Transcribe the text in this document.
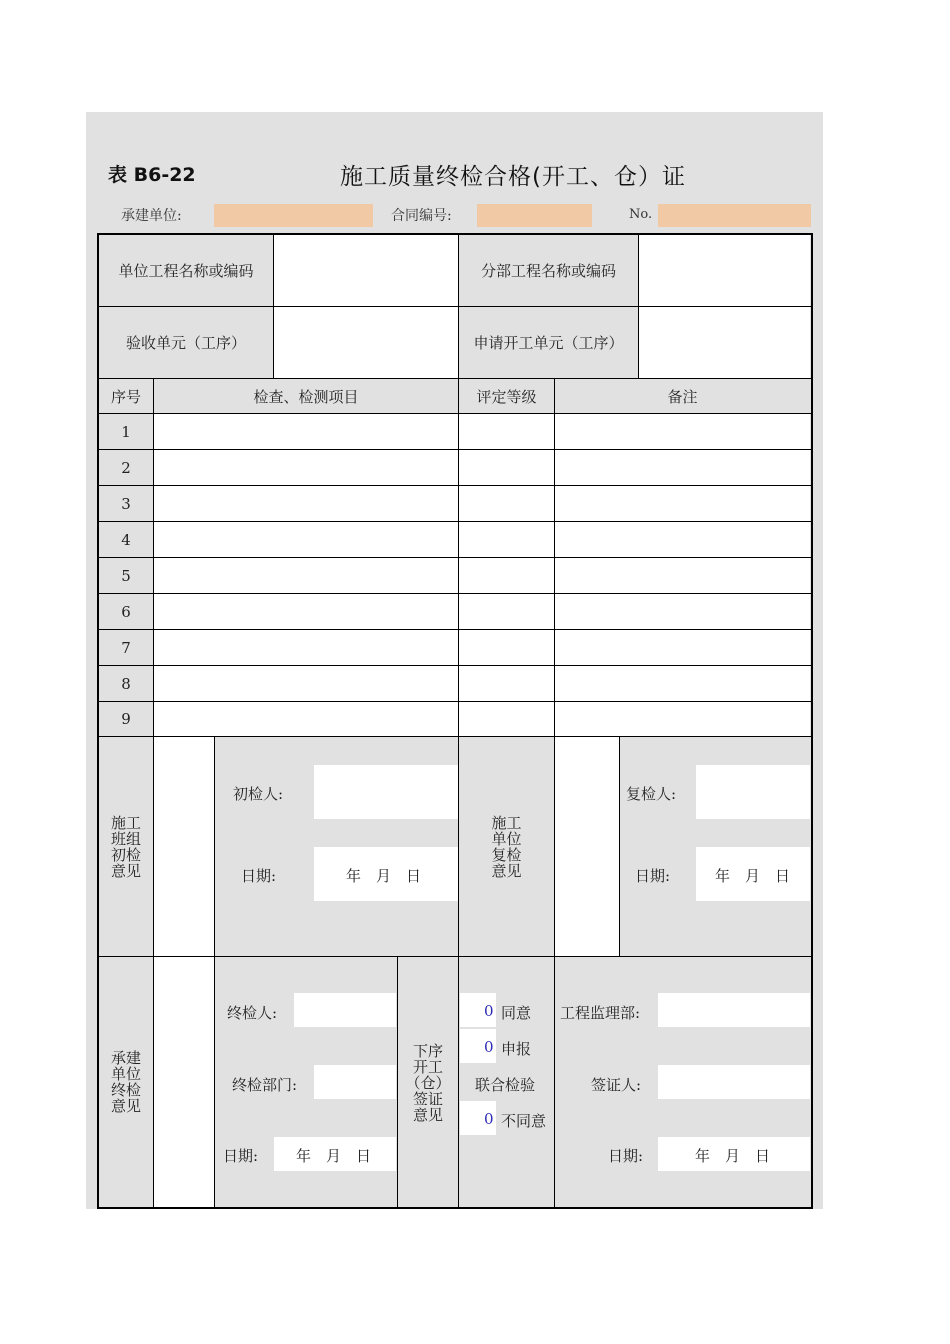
表 B6-22	施工质量终检合格(开工、仓）证
承建单位:	合同编号:	No.
单位工程名称或编码	分部工程名称或编码
验收单元（工序）	申请开工单元（工序）
序号	检查、检测项目	评定等级	备注
1
2
3
4
5
6
7
8
9
施工
班组
初检
意见
初检人:
日期:	年　月　日
施工
单位
复检
意见
复检人:
日期:	年　月　日
承建
单位
终检
意见
终检人:
终检部门:
日期:	年　月　日
下序
开工
（仓）
签证
意见
0 同意
0 申报
联合检验
0 不同意
工程监理部:
签证人:
日期:	年　月　日
